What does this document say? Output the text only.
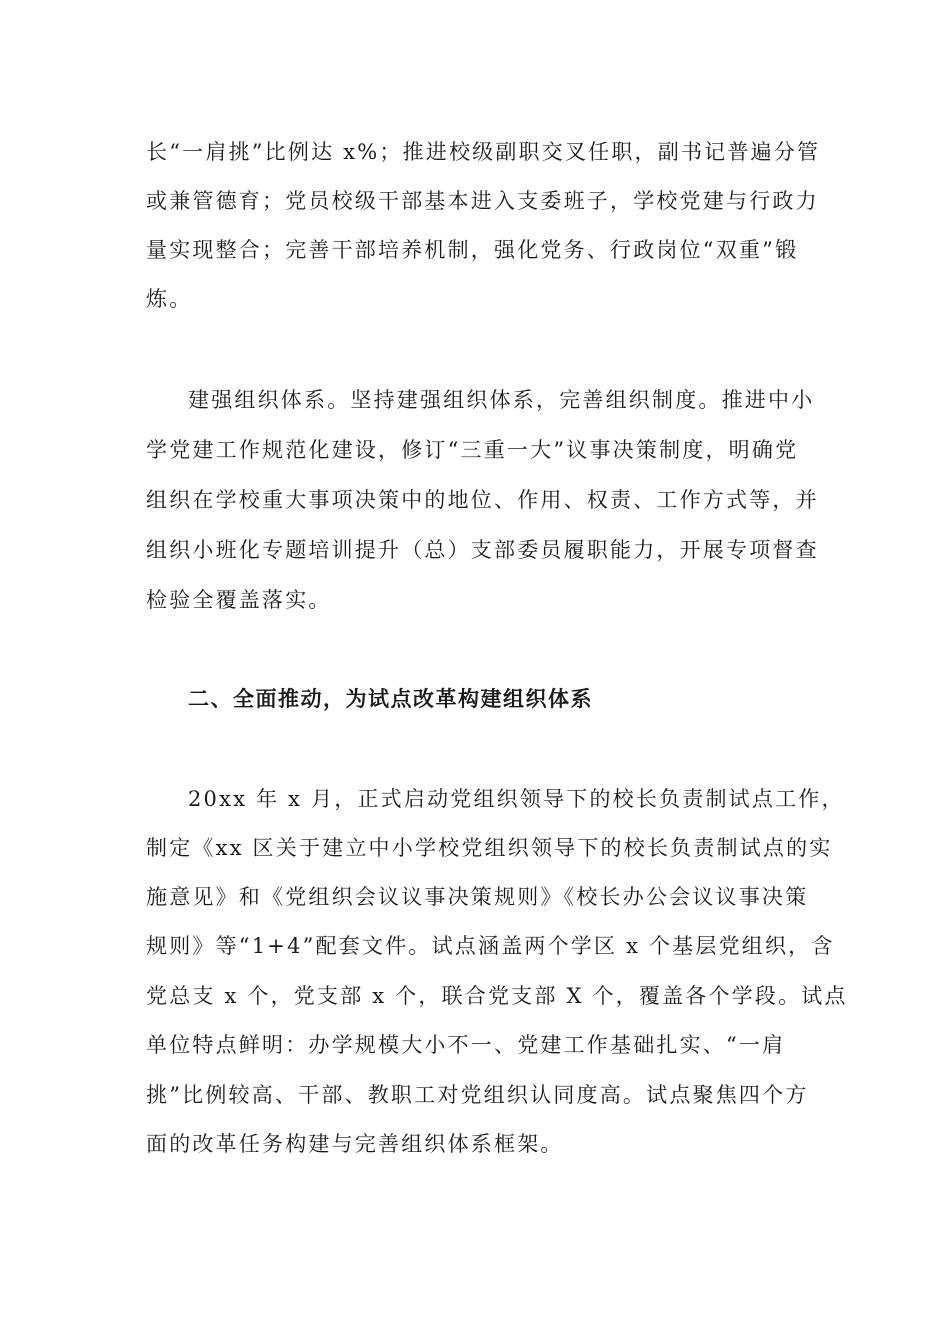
长“一肩挑”比例达 x%；推进校级副职交叉任职，副书记普遍分管
或兼管德育；党员校级干部基本进入支委班子，学校党建与行政力
量实现整合；完善干部培养机制，强化党务、行政岗位“双重”锻
炼。
建强组织体系。坚持建强组织体系，完善组织制度。推进中小
学党建工作规范化建设，修订“三重一大”议事决策制度，明确党
组织在学校重大事项决策中的地位、作用、权责、工作方式等，并
组织小班化专题培训提升（总）支部委员履职能力，开展专项督查
检验全覆盖落实。
二、全面推动，为试点改革构建组织体系
20xx 年 x 月，正式启动党组织领导下的校长负责制试点工作，
制定《xx 区关于建立中小学校党组织领导下的校长负责制试点的实
施意见》和《党组织会议议事决策规则》《校长办公会议议事决策
规则》等“1+4”配套文件。试点涵盖两个学区 x 个基层党组织，含
党总支 x 个，党支部 x 个，联合党支部 X 个，覆盖各个学段。试点
单位特点鲜明：办学规模大小不一、党建工作基础扎实、“一肩
挑”比例较高、干部、教职工对党组织认同度高。试点聚焦四个方
面的改革任务构建与完善组织体系框架。
